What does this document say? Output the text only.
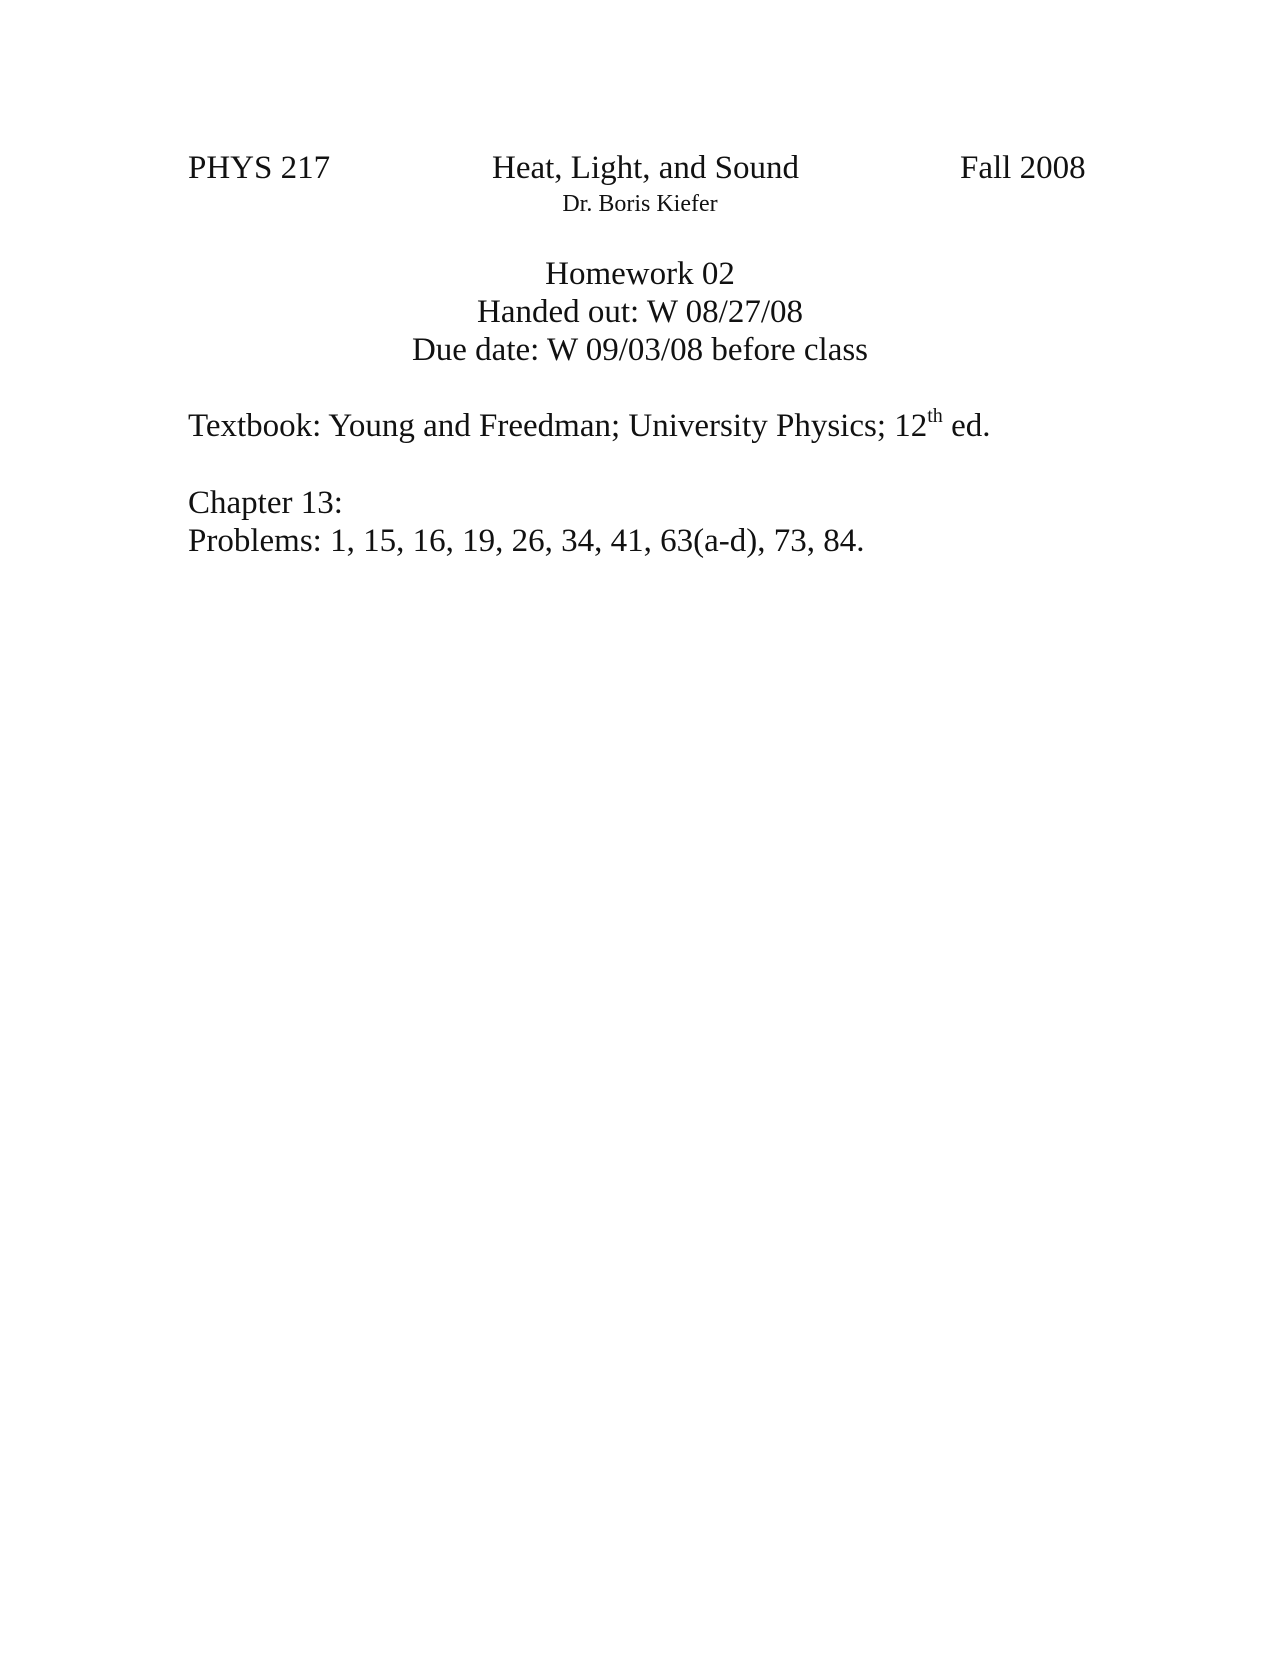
PHYS 217	Heat, Light, and Sound	Fall 2008
Dr. Boris Kiefer
Homework 02
Handed out: W 08/27/08
Due date: W 09/03/08 before class
Textbook: Young and Freedman; University Physics; 12th ed.
Chapter 13:
Problems: 1, 15, 16, 19, 26, 34, 41, 63(a-d), 73, 84.
